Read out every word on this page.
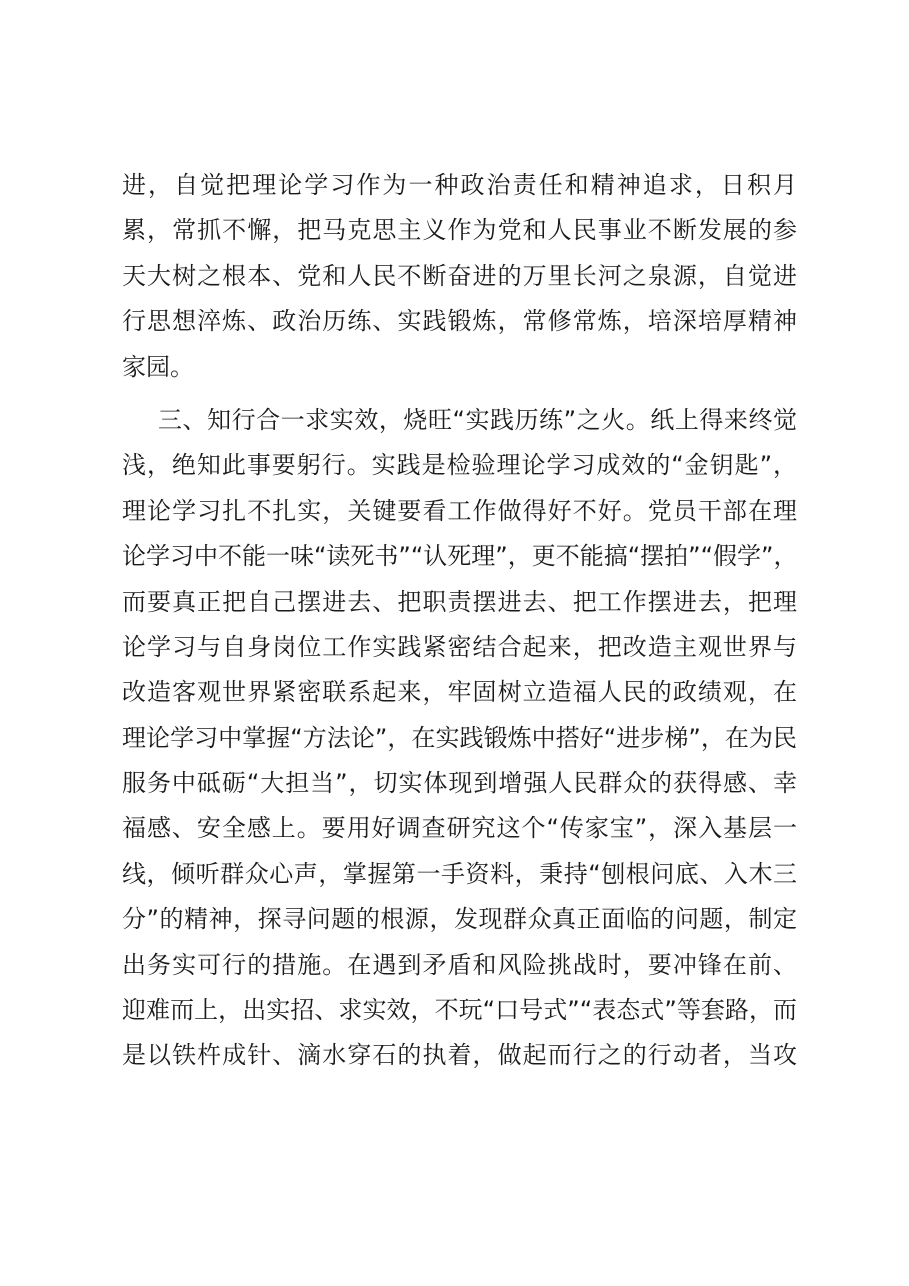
进，自觉把理论学习作为一种政治责任和精神追求，日积月
累，常抓不懈，把马克思主义作为党和人民事业不断发展的参
天大树之根本、党和人民不断奋进的万里长河之泉源，自觉进
行思想淬炼、政治历练、实践锻炼，常修常炼，培深培厚精神
家园。
三、知行合一求实效，烧旺“实践历练”之火。纸上得来终觉
浅，绝知此事要躬行。实践是检验理论学习成效的“金钥匙”，
理论学习扎不扎实，关键要看工作做得好不好。党员干部在理
论学习中不能一味“读死书”“认死理”，更不能搞“摆拍”“假学”，
而要真正把自己摆进去、把职责摆进去、把工作摆进去，把理
论学习与自身岗位工作实践紧密结合起来，把改造主观世界与
改造客观世界紧密联系起来，牢固树立造福人民的政绩观，在
理论学习中掌握“方法论”，在实践锻炼中搭好“进步梯”，在为民
服务中砥砺“大担当”，切实体现到增强人民群众的获得感、幸
福感、安全感上。要用好调查研究这个“传家宝”，深入基层一
线，倾听群众心声，掌握第一手资料，秉持“刨根问底、入木三
分”的精神，探寻问题的根源，发现群众真正面临的问题，制定
出务实可行的措施。在遇到矛盾和风险挑战时，要冲锋在前、
迎难而上，出实招、求实效，不玩“口号式”“表态式”等套路，而
是以铁杵成针、滴水穿石的执着，做起而行之的行动者，当攻
